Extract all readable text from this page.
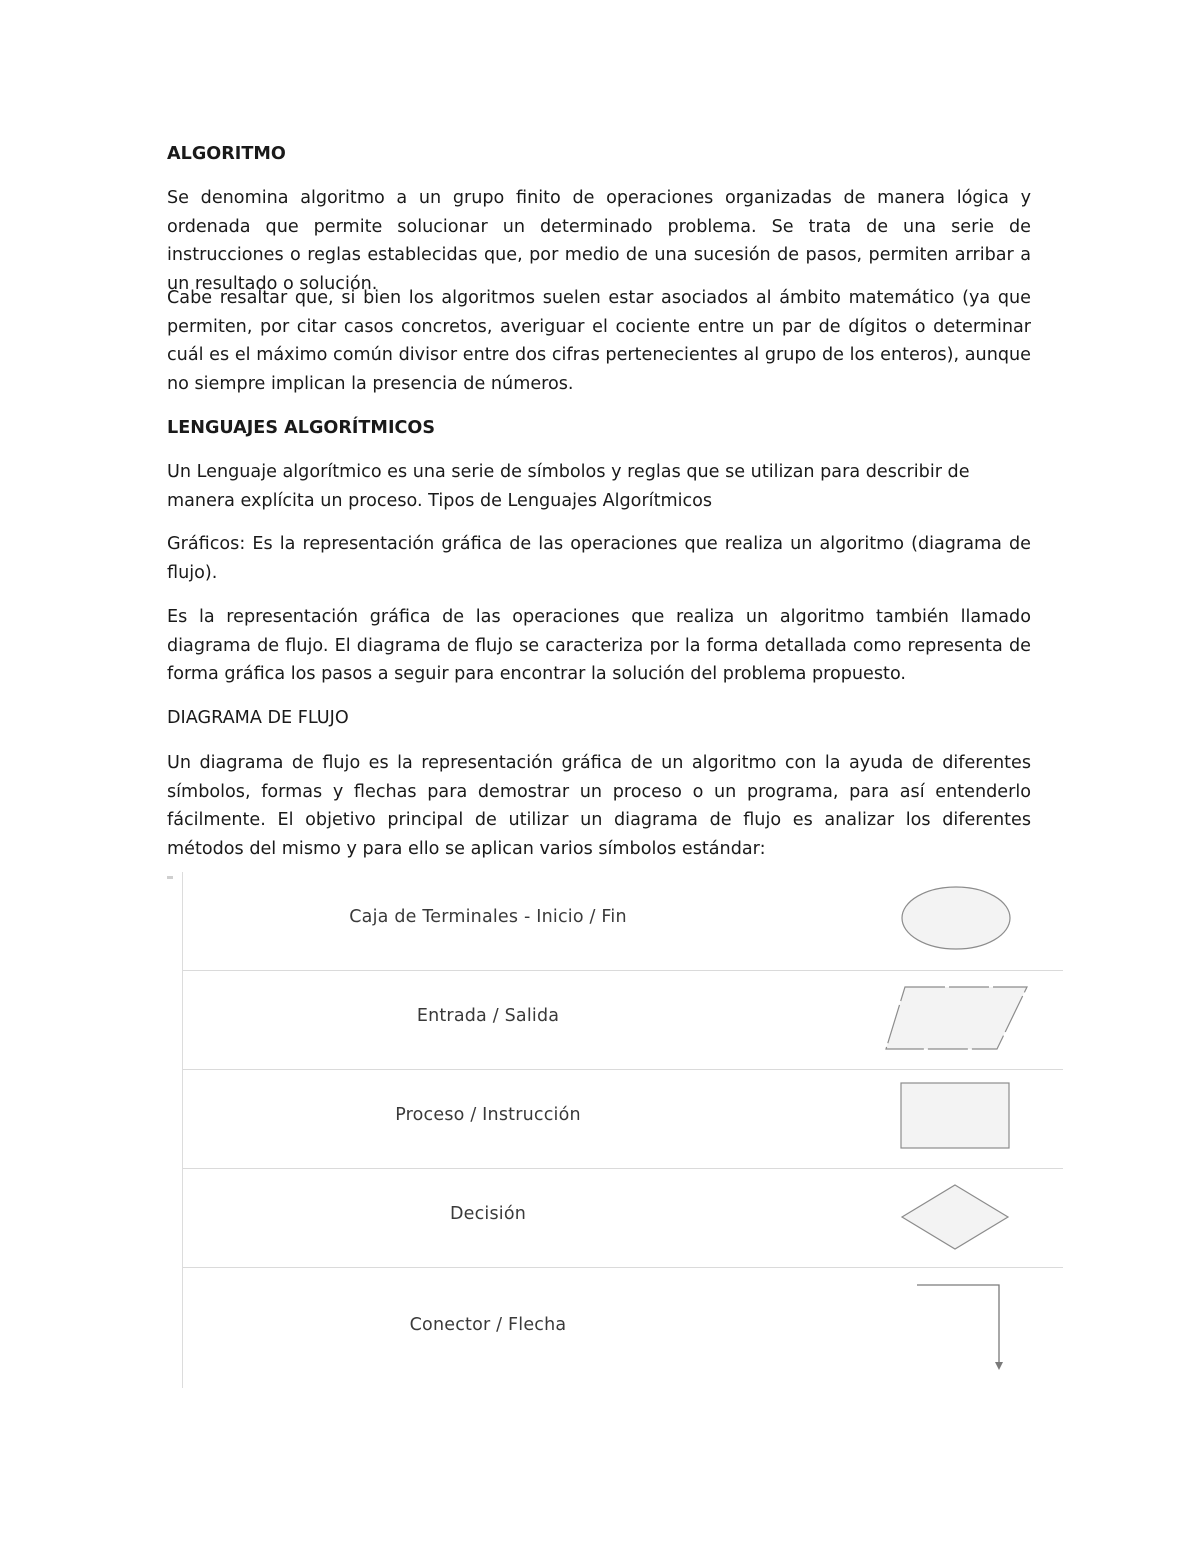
ALGORITMO
Se denomina algoritmo a un grupo finito de operaciones organizadas de manera lógica y ordenada que permite solucionar un determinado problema. Se trata de una serie de instrucciones o reglas establecidas que, por medio de una sucesión de pasos, permiten arribar a un resultado o solución.
Cabe resaltar que, si bien los algoritmos suelen estar asociados al ámbito matemático (ya que permiten, por citar casos concretos, averiguar el cociente entre un par de dígitos o determinar cuál es el máximo común divisor entre dos cifras pertenecientes al grupo de los enteros), aunque no siempre implican la presencia de números.
LENGUAJES ALGORÍTMICOS
Un Lenguaje algorítmico es una serie de símbolos y reglas que se utilizan para describir de manera explícita un proceso. Tipos de Lenguajes Algorítmicos
Gráficos: Es la representación gráfica de las operaciones que realiza un algoritmo (diagrama de flujo).
Es la representación gráfica de las operaciones que realiza un algoritmo también llamado diagrama de flujo. El diagrama de flujo se caracteriza por la forma detallada como representa de forma gráfica los pasos a seguir para encontrar la solución del problema propuesto.
DIAGRAMA DE FLUJO
Un diagrama de flujo es la representación gráfica de un algoritmo con la ayuda de diferentes símbolos, formas y flechas para demostrar un proceso o un programa, para así entenderlo fácilmente. El objetivo principal de utilizar un diagrama de flujo es analizar los diferentes métodos del mismo y para ello se aplican varios símbolos estándar:
Caja de Terminales - Inicio / Fin
Entrada / Salida
Proceso / Instrucción
Decisión
Conector / Flecha
